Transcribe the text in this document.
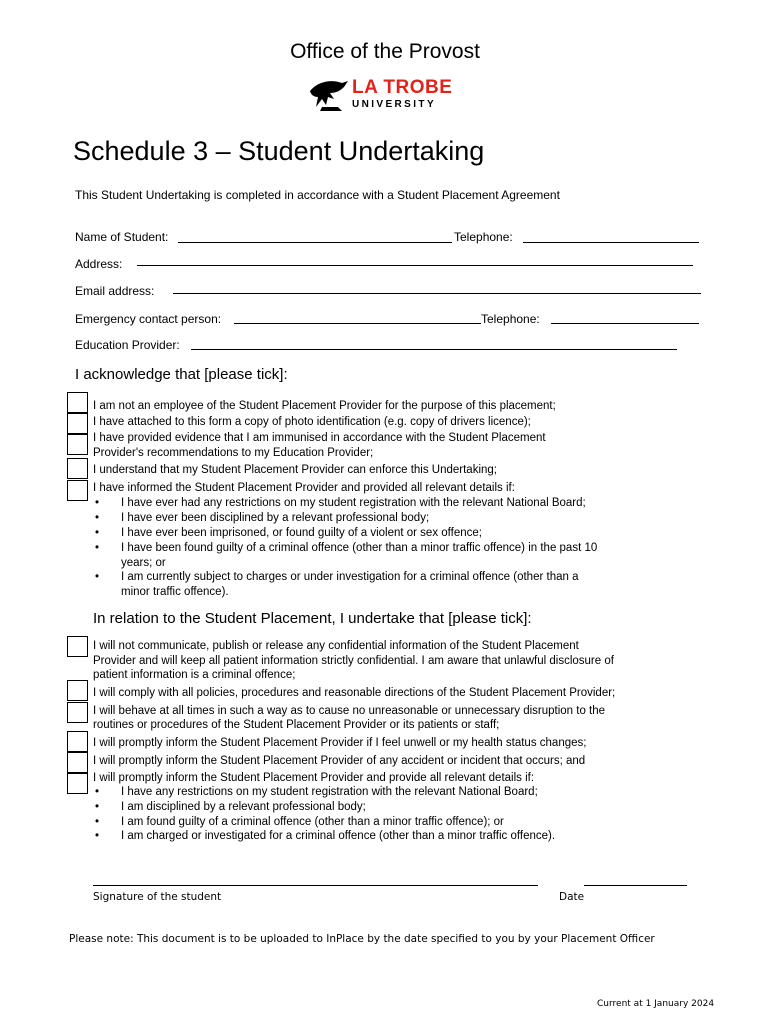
Office of the Provost
LA TROBE
UNIVERSITY
Schedule 3 – Student Undertaking
This Student Undertaking is completed in accordance with a Student Placement Agreement
Name of Student:	Telephone:
Address:
Email address:
Emergency contact person:	Telephone:
Education Provider:
I acknowledge that [please tick]:
I am not an employee of the Student Placement Provider for the purpose of this placement;
I have attached to this form a copy of photo identification (e.g. copy of drivers licence);
I have provided evidence that I am immunised in accordance with the Student Placement
Provider's recommendations to my Education Provider;
I understand that my Student Placement Provider can enforce this Undertaking;
I have informed the Student Placement Provider and provided all relevant details if:
• I have ever had any restrictions on my student registration with the relevant National Board;
• I have ever been disciplined by a relevant professional body;
• I have ever been imprisoned, or found guilty of a violent or sex offence;
• I have been found guilty of a criminal offence (other than a minor traffic offence) in the past 10
years; or
• I am currently subject to charges or under investigation for a criminal offence (other than a
minor traffic offence).
In relation to the Student Placement, I undertake that [please tick]:
I will not communicate, publish or release any confidential information of the Student Placement
Provider and will keep all patient information strictly confidential. I am aware that unlawful disclosure of
patient information is a criminal offence;
I will comply with all policies, procedures and reasonable directions of the Student Placement Provider;
I will behave at all times in such a way as to cause no unreasonable or unnecessary disruption to the
routines or procedures of the Student Placement Provider or its patients or staff;
I will promptly inform the Student Placement Provider if I feel unwell or my health status changes;
I will promptly inform the Student Placement Provider of any accident or incident that occurs; and
I will promptly inform the Student Placement Provider and provide all relevant details if:
• I have any restrictions on my student registration with the relevant National Board;
• I am disciplined by a relevant professional body;
• I am found guilty of a criminal offence (other than a minor traffic offence); or
• I am charged or investigated for a criminal offence (other than a minor traffic offence).
Signature of the student	Date
Please note: This document is to be uploaded to InPlace by the date specified to you by your Placement Officer
Current at 1 January 2024
